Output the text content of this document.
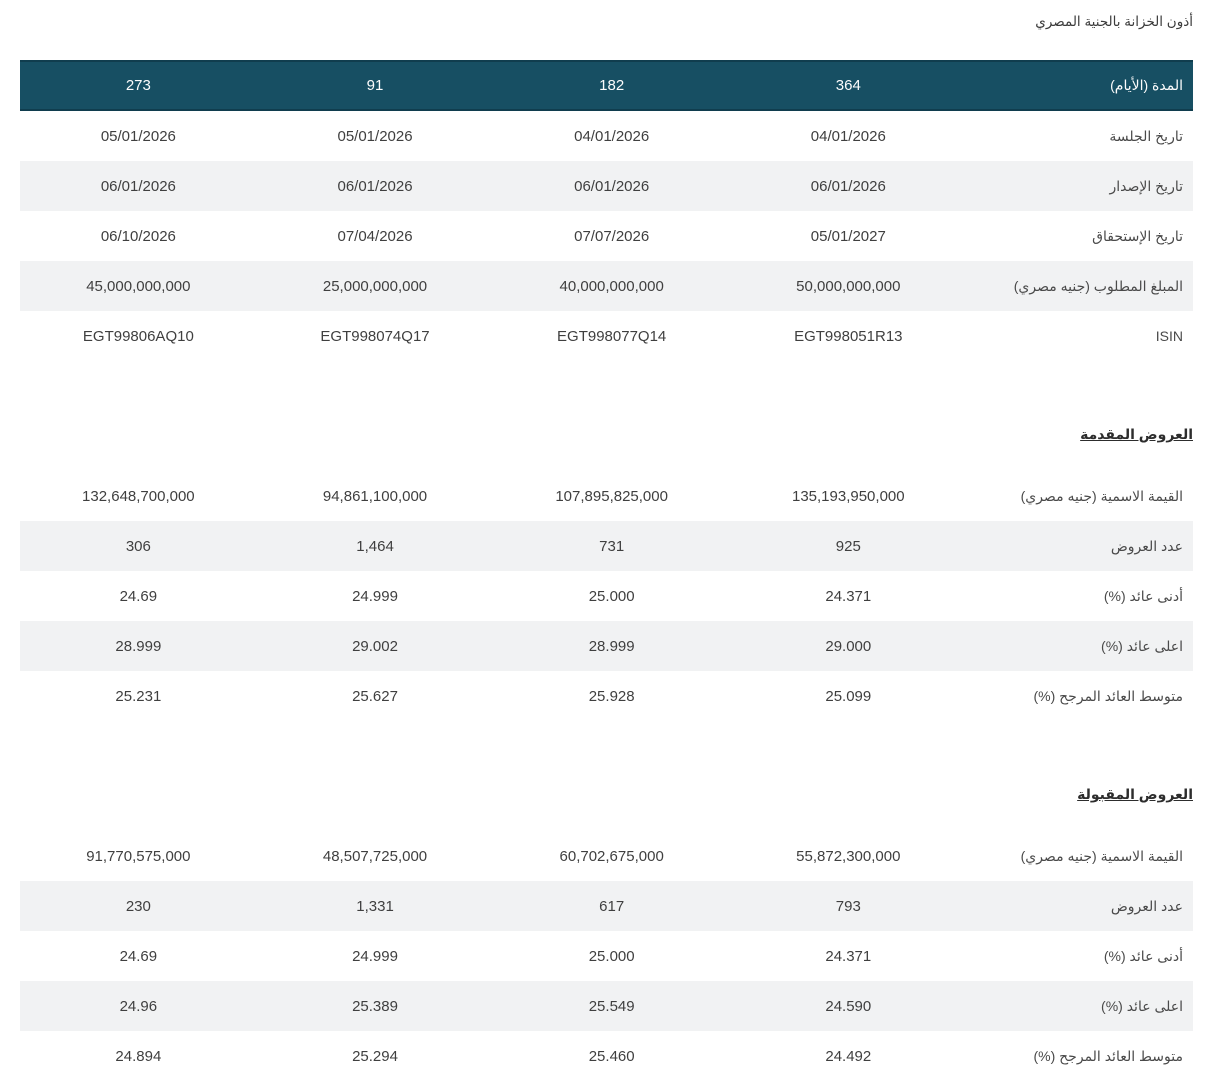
أذون الخزانة بالجنية المصري
المدة (الأيام)	364	182	91	273
تاريخ الجلسة	04/01/2026	04/01/2026	05/01/2026	05/01/2026
تاريخ الإصدار	06/01/2026	06/01/2026	06/01/2026	06/01/2026
تاريخ الإستحقاق	05/01/2027	07/07/2026	07/04/2026	06/10/2026
المبلغ المطلوب (جنيه مصري)	50,000,000,000	40,000,000,000	25,000,000,000	45,000,000,000
ISIN	EGT998051R13	EGT998077Q14	EGT998074Q17	EGT99806AQ10
العروض المقدمة
القيمة الاسمية (جنيه مصري)	135,193,950,000	107,895,825,000	94,861,100,000	132,648,700,000
عدد العروض	925	731	1,464	306
أدنى عائد (%)	24.371	25.000	24.999	24.69
اعلى عائد (%)	29.000	28.999	29.002	28.999
متوسط العائد المرجح (%)	25.099	25.928	25.627	25.231
العروض المقبولة
القيمة الاسمية (جنيه مصري)	55,872,300,000	60,702,675,000	48,507,725,000	91,770,575,000
عدد العروض	793	617	1,331	230
أدنى عائد (%)	24.371	25.000	24.999	24.69
اعلى عائد (%)	24.590	25.549	25.389	24.96
متوسط العائد المرجح (%)	24.492	25.460	25.294	24.894
